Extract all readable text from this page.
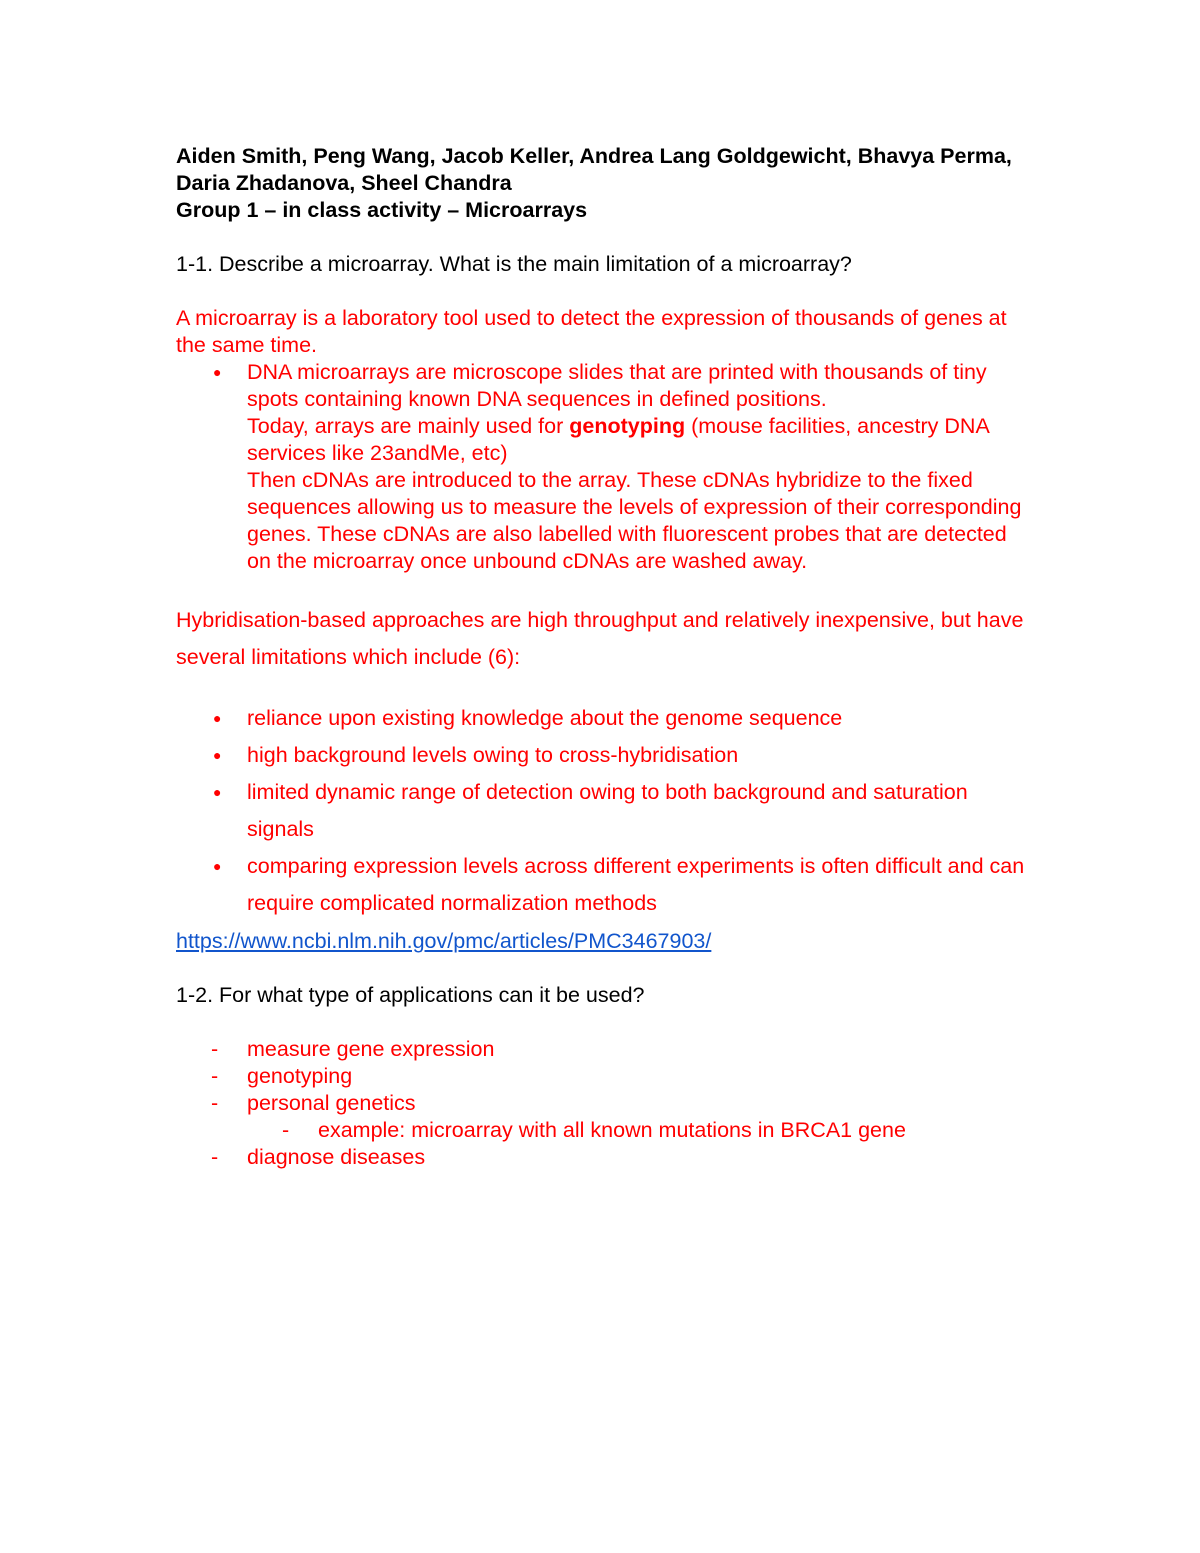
Aiden Smith, Peng Wang, Jacob Keller, Andrea Lang Goldgewicht, Bhavya Perma, Daria Zhadanova, Sheel Chandra

Group 1 – in class activity – Microarrays

1-1. Describe a microarray. What is the main limitation of a microarray?

A microarray is a laboratory tool used to detect the expression of thousands of genes at the same time.

● DNA microarrays are microscope slides that are printed with thousands of tiny spots containing known DNA sequences in defined positions.
Today, arrays are mainly used for genotyping (mouse facilities, ancestry DNA services like 23andMe, etc)
Then cDNAs are introduced to the array. These cDNAs hybridize to the fixed sequences allowing us to measure the levels of expression of their corresponding genes. These cDNAs are also labelled with fluorescent probes that are detected on the microarray once unbound cDNAs are washed away.

Hybridisation-based approaches are high throughput and relatively inexpensive, but have several limitations which include (6):

● reliance upon existing knowledge about the genome sequence
● high background levels owing to cross-hybridisation
● limited dynamic range of detection owing to both background and saturation signals
● comparing expression levels across different experiments is often difficult and can require complicated normalization methods
https://www.ncbi.nlm.nih.gov/pmc/articles/PMC3467903/

1-2. For what type of applications can it be used?

- measure gene expression
- genotyping
- personal genetics
- example: microarray with all known mutations in BRCA1 gene
- diagnose diseases
